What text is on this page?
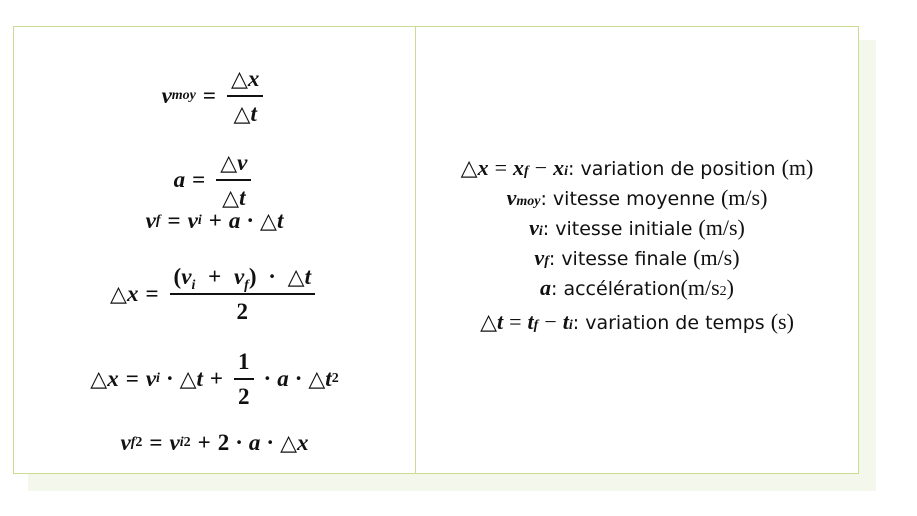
v moy = $\frac{\triangle x}{\triangle t}$
$a = \frac{\triangle v}{\triangle t}$
v f = v i + a · △ t
△ $x = \frac{(v_i + v_f) \cdot \triangle t}{2}$
△ x = v i · △ $t + \frac{1}{2} \cdot a$ · △ t 2
v f 2 = v i 2 + 2 · a · △ x
△ x = x f − x i : variation de position (m)
v moy : vitesse moyenne (m/s)
v i : vitesse initiale (m/s)
v f : vitesse finale (m/s)
a : accélération (m/s 2 )
△ t = t f − t i : variation de temps (s)
